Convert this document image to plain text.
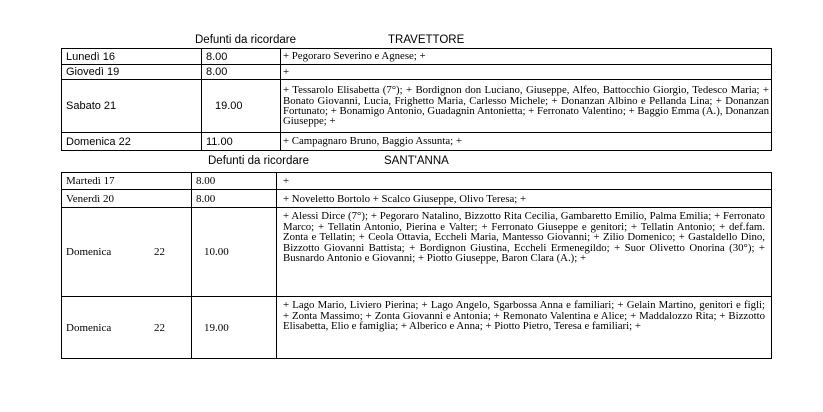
Defunti da ricordare	TRAVETTORE
Lunedì 16	8.00	+ Pegoraro Severino e Agnese; +
Giovedì 19	8.00	+
Sabato 21	19.00	+ Tessarolo Elisabetta (7°); + Bordignon don Luciano, Giuseppe, Alfeo, Battocchio Giorgio, Tedesco Maria; + Bonato Giovanni, Lucia, Frighetto Maria, Carlesso Michele; + Donanzan Albino e Pellanda Lina; + Donanzan Fortunato; + Bonamigo Antonio, Guadagnin Antonietta; + Ferronato Valentino; + Baggio Emma (A.), Donanzan Giuseppe; +
Domenica 22	11.00	+ Campagnaro Bruno, Baggio Assunta; +
Defunti da ricordare	SANT'ANNA
Martedì 17	8.00	+
Venerdì 20	8.00	+ Noveletto Bortolo + Scalco Giuseppe, Olivo Teresa; +
Domenica 22	10.00	+ Alessi Dirce (7°); + Pegoraro Natalino, Bizzotto Rita Cecilia, Gambaretto Emilio, Palma Emilia; + Ferronato Marco; + Tellatin Antonio, Pierina e Valter; + Ferronato Giuseppe e genitori; + Tellatin Antonio; + def.fam. Zonta e Tellatin; + Ceola Ottavia, Eccheli Maria, Mantesso Giovanni; + Zilio Domenico; + Gastaldello Dino, Bizzotto Giovanni Battista; + Bordignon Giustina, Eccheli Ermenegildo; + Suor Olivetto Onorina (30°); + Busnardo Antonio e Giovanni; + Piotto Giuseppe, Baron Clara (A.); +
Domenica 22	19.00	+ Lago Mario, Liviero Pierina; + Lago Angelo, Sgarbossa Anna e familiari; + Gelain Martino, genitori e figli; + Zonta Massimo; + Zonta Giovanni e Antonia; + Remonato Valentina e Alice; + Maddalozzo Rita; + Bizzotto Elisabetta, Elio e famiglia; + Alberico e Anna; + Piotto Pietro, Teresa e familiari; +
